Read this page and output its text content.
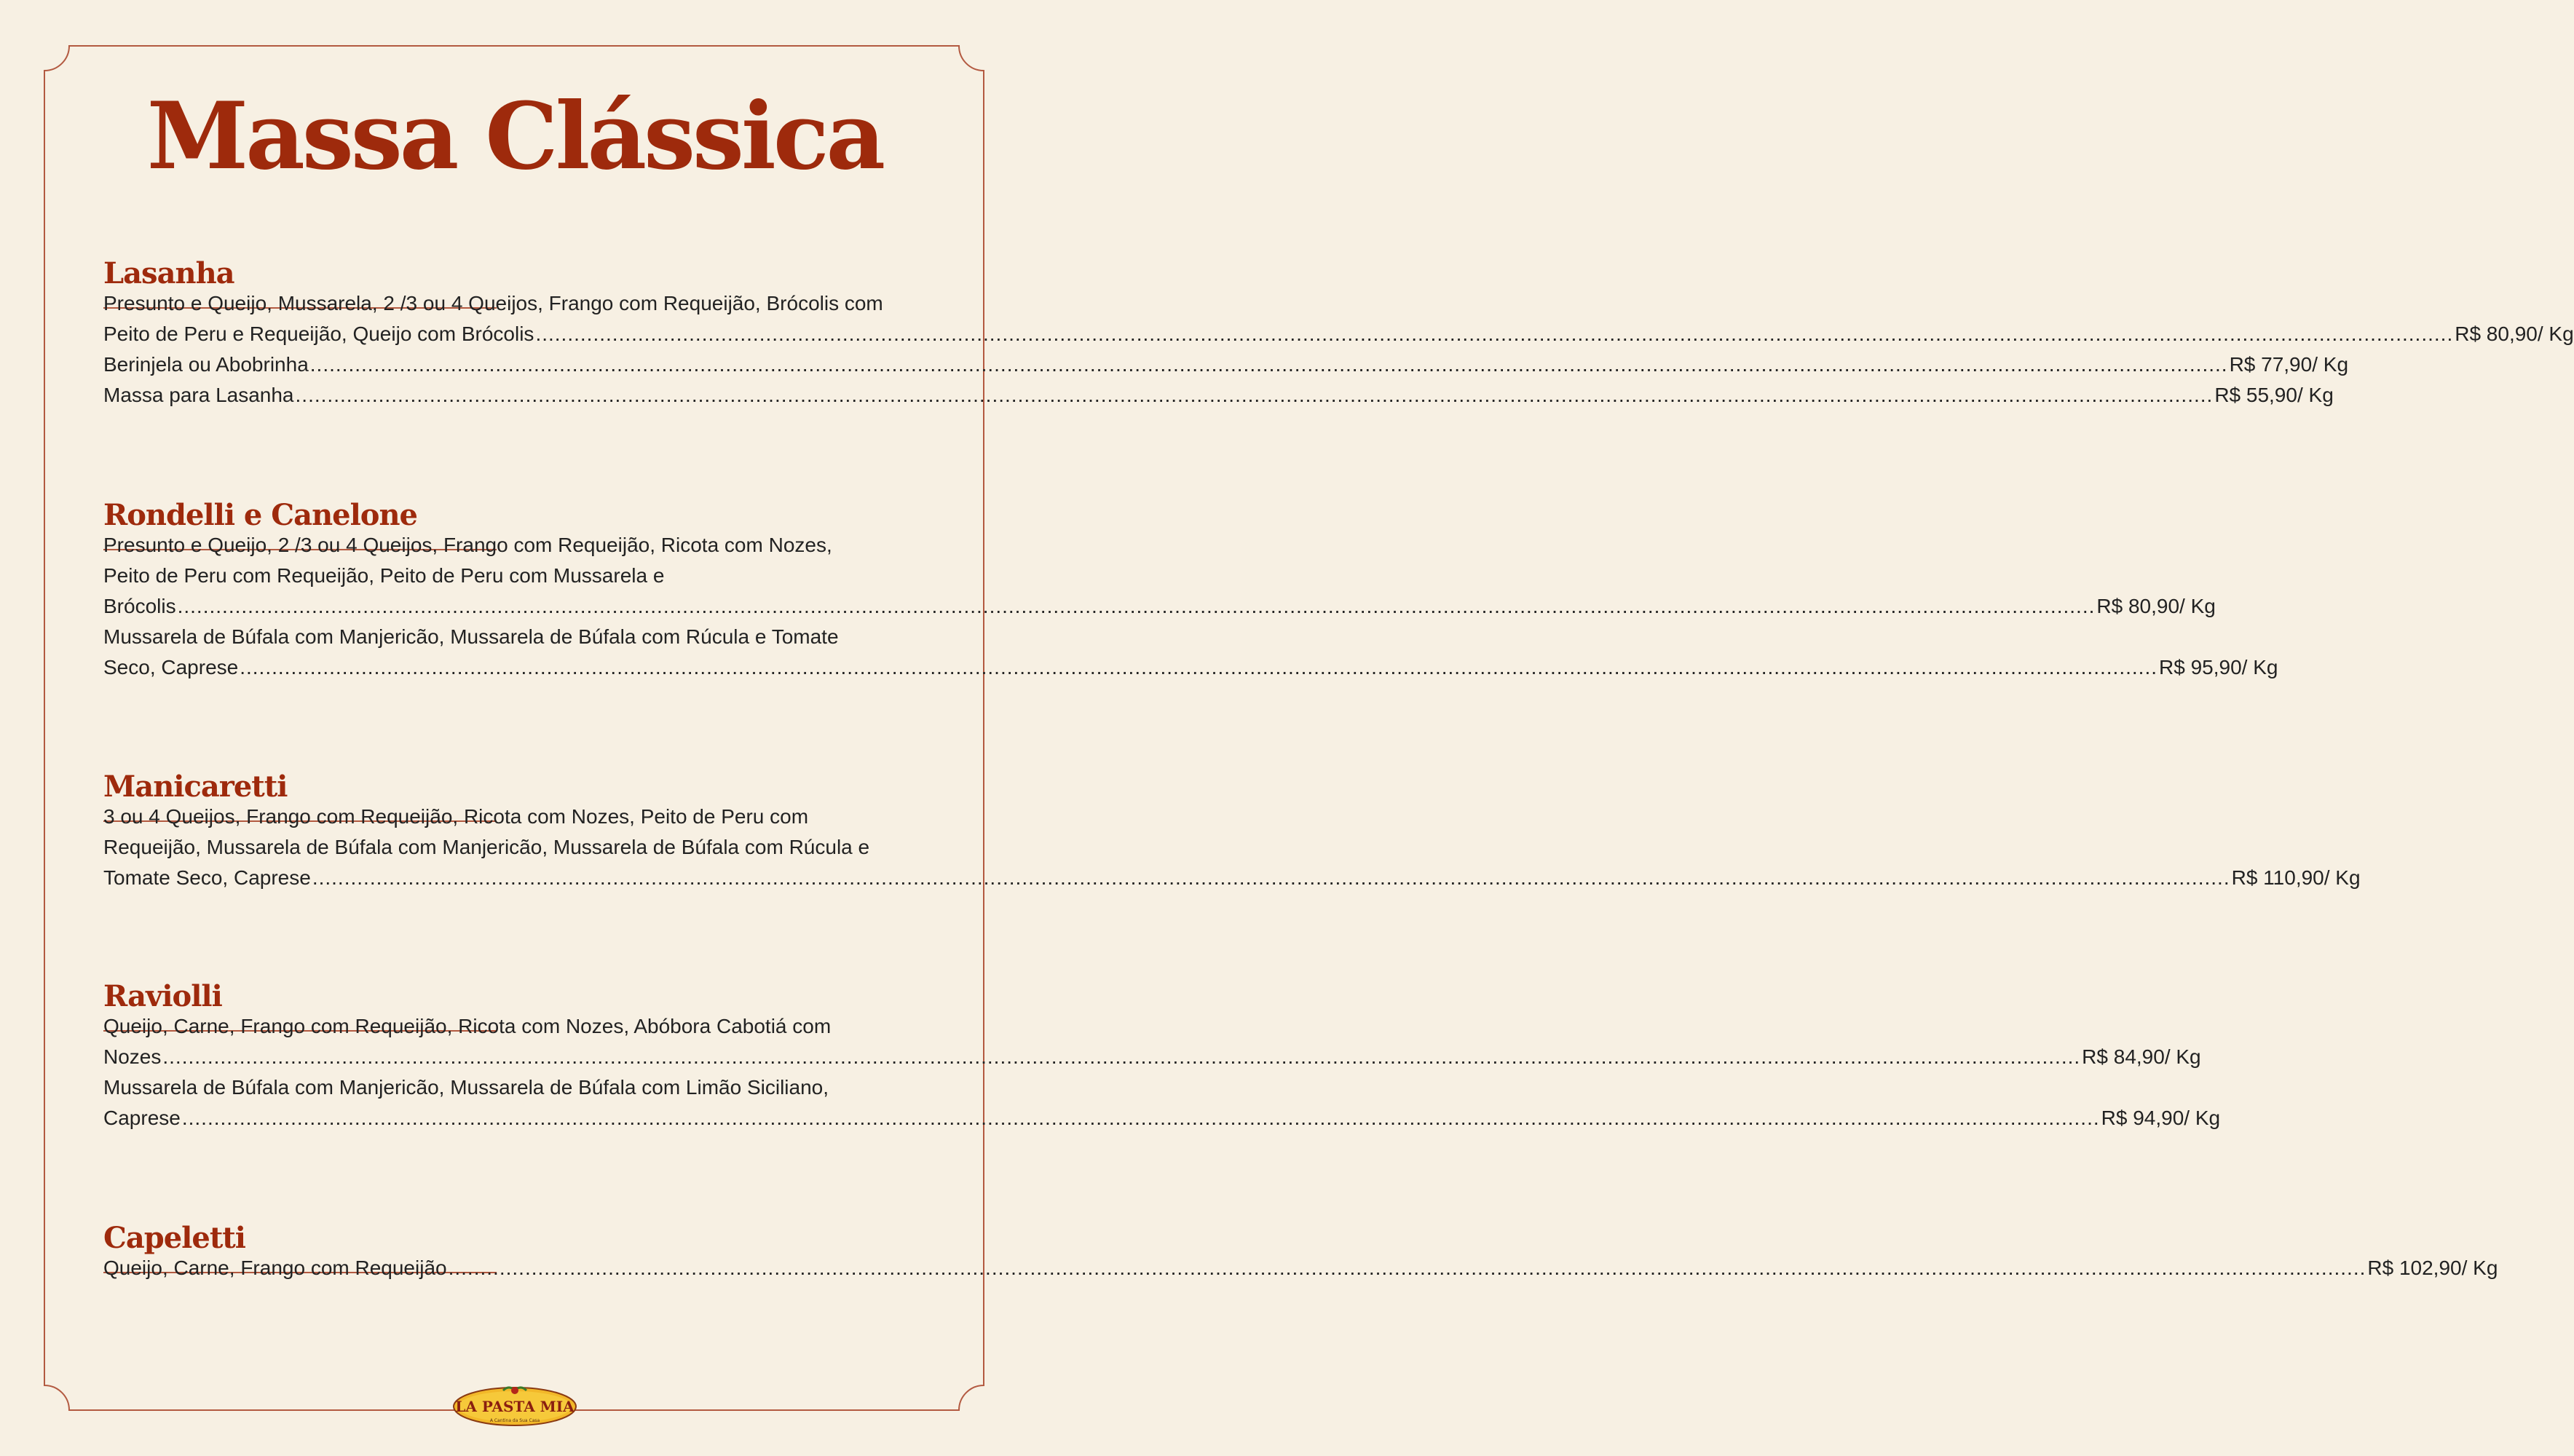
Massa Clássica
Lasanha
Presunto e Queijo, Mussarela, 2 /3 ou 4 Queijos, Frango com Requeijão, Brócolis com
Peito de Peru e Requeijão, Queijo com Brócolis ............................................................................................................................................................................................................................................................................................................ R$ 80,90/ Kg
Berinjela ou Abobrinha ............................................................................................................................................................................................................................................................................................................ R$ 77,90/ Kg
Massa para Lasanha ............................................................................................................................................................................................................................................................................................................ R$ 55,90/ Kg
Rondelli e Canelone
Presunto e Queijo, 2 /3 ou 4 Queijos, Frango com Requeijão, Ricota com Nozes,
Peito de Peru com Requeijão, Peito de Peru com Mussarela e
Brócolis ............................................................................................................................................................................................................................................................................................................ R$ 80,90/ Kg
Mussarela de Búfala com Manjericão, Mussarela de Búfala com Rúcula e Tomate
Seco, Caprese ............................................................................................................................................................................................................................................................................................................ R$ 95,90/ Kg
Manicaretti
3 ou 4 Queijos, Frango com Requeijão, Ricota com Nozes, Peito de Peru com
Requeijão, Mussarela de Búfala com Manjericão, Mussarela de Búfala com Rúcula e
Tomate Seco, Caprese ............................................................................................................................................................................................................................................................................................................ R$ 110,90/ Kg
Raviolli
Queijo, Carne, Frango com Requeijão, Ricota com Nozes, Abóbora Cabotiá com
Nozes ............................................................................................................................................................................................................................................................................................................ R$ 84,90/ Kg
Mussarela de Búfala com Manjericão, Mussarela de Búfala com Limão Siciliano,
Caprese ............................................................................................................................................................................................................................................................................................................ R$ 94,90/ Kg
Capeletti
Queijo, Carne, Frango com Requeijão ............................................................................................................................................................................................................................................................................................................ R$ 102,90/ Kg
LA PASTA MIA
A Cantina da Sua Casa
